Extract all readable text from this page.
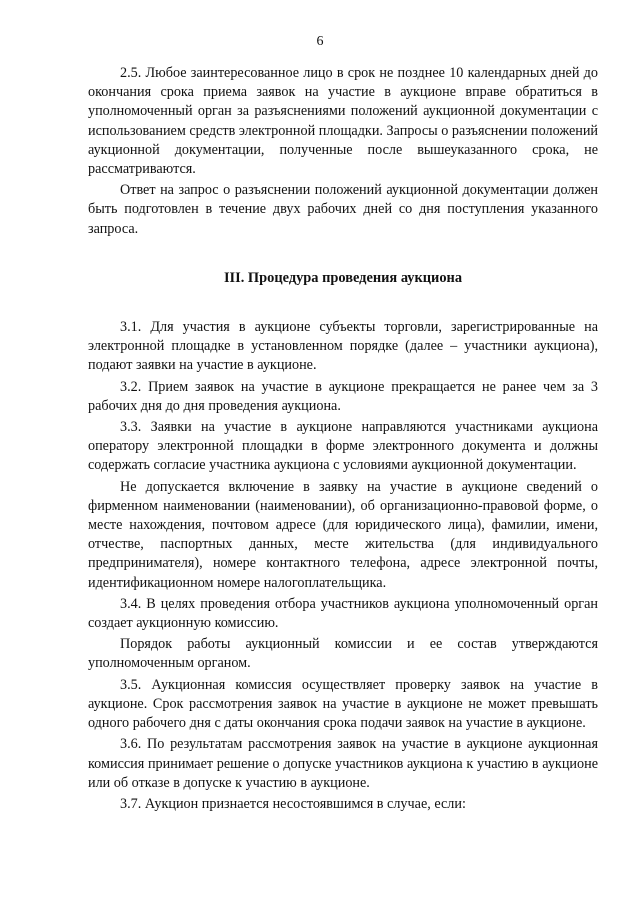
6

2.5. Любое заинтересованное лицо в срок не позднее 10 календарных дней до окончания срока приема заявок на участие в аукционе вправе обратиться в уполномоченный орган за разъяснениями положений аукционной документации с использованием средств электронной площадки. Запросы о разъяснении положений аукционной документации, полученные после вышеуказанного срока, не рассматриваются.

Ответ на запрос о разъяснении положений аукционной документации должен быть подготовлен в течение двух рабочих дней со дня поступления указанного запроса.

III. Процедура проведения аукциона

3.1. Для участия в аукционе субъекты торговли, зарегистрированные на электронной площадке в установленном порядке (далее – участники аукциона), подают заявки на участие в аукционе.

3.2. Прием заявок на участие в аукционе прекращается не ранее чем за 3 рабочих дня до дня проведения аукциона.

3.3. Заявки на участие в аукционе направляются участниками аукциона оператору электронной площадки в форме электронного документа и должны содержать согласие участника аукциона с условиями аукционной документации.

Не допускается включение в заявку на участие в аукционе сведений о фирменном наименовании (наименовании), об организационно-правовой форме, о месте нахождения, почтовом адресе (для юридического лица), фамилии, имени, отчестве, паспортных данных, месте жительства (для индивидуального предпринимателя), номере контактного телефона, адресе электронной почты, идентификационном номере налогоплательщика.

3.4. В целях проведения отбора участников аукциона уполномоченный орган создает аукционную комиссию.

Порядок работы аукционный комиссии и ее состав утверждаются уполномоченным органом.

3.5. Аукционная комиссия осуществляет проверку заявок на участие в аукционе. Срок рассмотрения заявок на участие в аукционе не может превышать одного рабочего дня с даты окончания срока подачи заявок на участие в аукционе.

3.6. По результатам рассмотрения заявок на участие в аукционе аукционная комиссия принимает решение о допуске участников аукциона к участию в аукционе или об отказе в допуске к участию в аукционе.

3.7. Аукцион признается несостоявшимся в случае, если:
